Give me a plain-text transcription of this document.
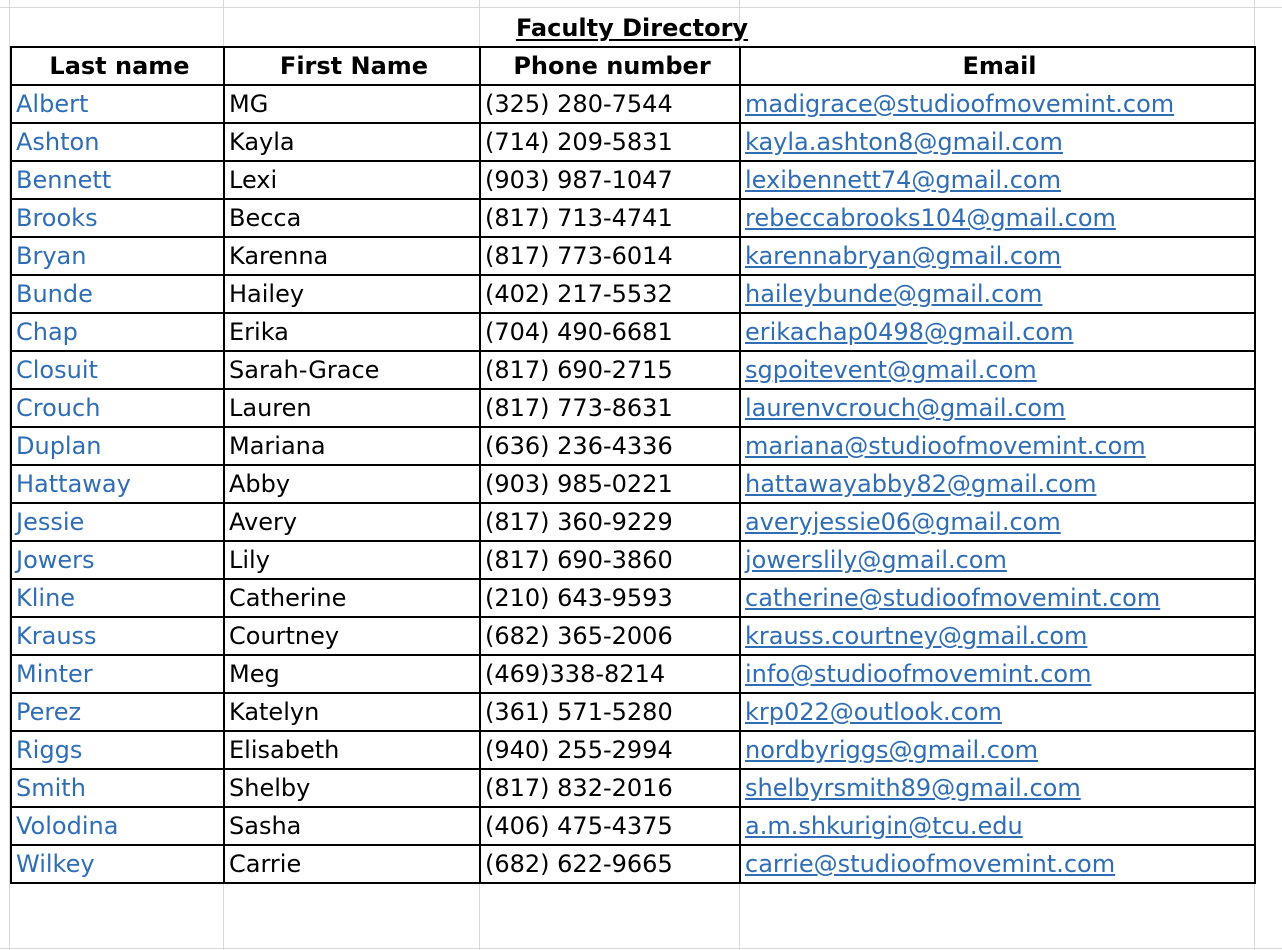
Faculty Directory
Last name	First Name	Phone number	Email
Albert	MG	(325) 280-7544	madigrace@studioofmovemint.com
Ashton	Kayla	(714) 209-5831	kayla.ashton8@gmail.com
Bennett	Lexi	(903) 987-1047	lexibennett74@gmail.com
Brooks	Becca	(817) 713-4741	rebeccabrooks104@gmail.com
Bryan	Karenna	(817) 773-6014	karennabryan@gmail.com
Bunde	Hailey	(402) 217-5532	haileybunde@gmail.com
Chap	Erika	(704) 490-6681	erikachap0498@gmail.com
Closuit	Sarah-Grace	(817) 690-2715	sgpoitevent@gmail.com
Crouch	Lauren	(817) 773-8631	laurenvcrouch@gmail.com
Duplan	Mariana	(636) 236-4336	mariana@studioofmovemint.com
Hattaway	Abby	(903) 985-0221	hattawayabby82@gmail.com
Jessie	Avery	(817) 360-9229	averyjessie06@gmail.com
Jowers	Lily	(817) 690-3860	jowerslily@gmail.com
Kline	Catherine	(210) 643-9593	catherine@studioofmovemint.com
Krauss	Courtney	(682) 365-2006	krauss.courtney@gmail.com
Minter	Meg	(469)338-8214	info@studioofmovemint.com
Perez	Katelyn	(361) 571-5280	krp022@outlook.com
Riggs	Elisabeth	(940) 255-2994	nordbyriggs@gmail.com
Smith	Shelby	(817) 832-2016	shelbyrsmith89@gmail.com
Volodina	Sasha	(406) 475-4375	a.m.shkurigin@tcu.edu
Wilkey	Carrie	(682) 622-9665	carrie@studioofmovemint.com
